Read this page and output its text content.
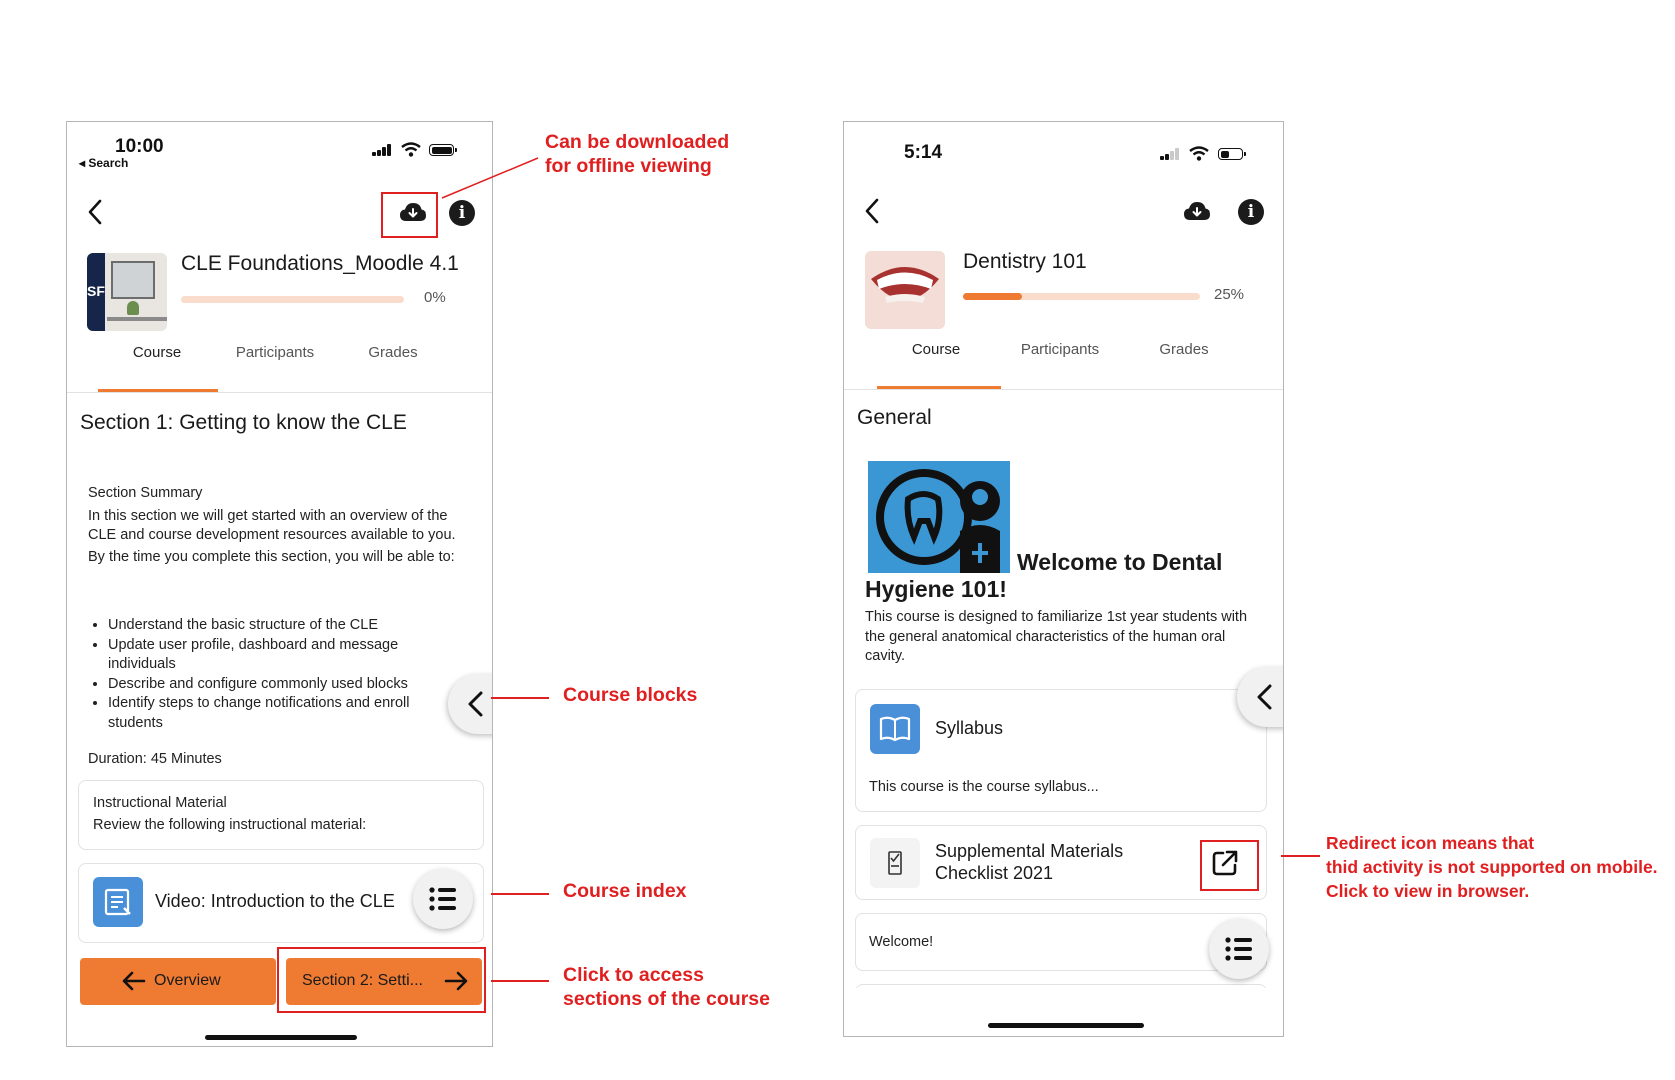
10:00
◂ Search
i
SF
CLE Foundations_Moodle 4.1
0%
Course	Participants	Grades
Section 1: Getting to know the CLE

Section Summary

In this section we will get started with an overview of the CLE and course development resources available to you.

By the time you complete this section, you will be able to:

• Understand the basic structure of the CLE
• Update user profile, dashboard and message individuals
• Describe and configure commonly used blocks
• Identify steps to change notifications and enroll students
Duration: 45 Minutes
Instructional Material
Review the following instructional material:
Video: Introduction to the CLE
Overview	Section 2: Setti...
5:14
i
Dentistry 101
25%
Course	Participants	Grades
General
Welcome to Dental
Hygiene 101!
This course is designed to familiarize 1st year students with the general anatomical characteristics of the human oral cavity.
Syllabus
This course is the course syllabus...
Supplemental Materials
Checklist 2021
Welcome!
Can be downloaded
for offline viewing
Course blocks
Course index
Click to access
sections of the course
Redirect icon means that
thid activity is not supported on mobile.
Click to view in browser.
